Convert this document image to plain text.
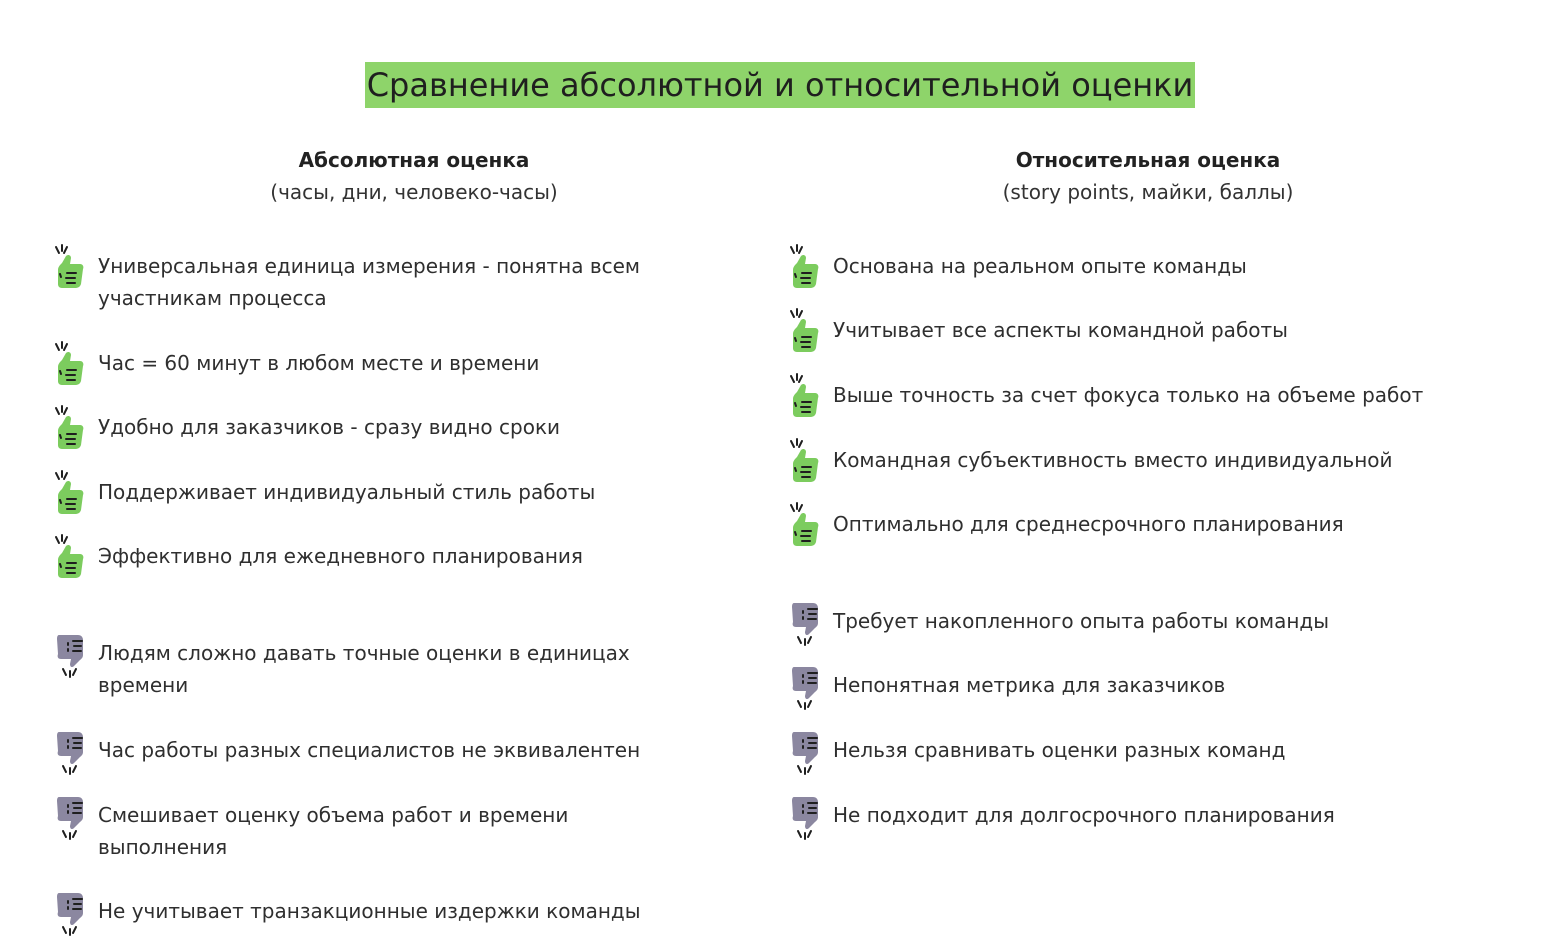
Сравнение абсолютной и относительной оценки
Абсолютная оценка
(часы, дни, человеко-часы)
Относительная оценка
(story points, майки, баллы)
Универсальная единица измерения - понятна всем участникам процесса
Час = 60 минут в любом месте и времени
Удобно для заказчиков - сразу видно сроки
Поддерживает индивидуальный стиль работы
Эффективно для ежедневного планирования
Людям сложно давать точные оценки в единицах времени
Час работы разных специалистов не эквивалентен
Смешивает оценку объема работ и времени выполнения
Не учитывает транзакционные издержки команды
Основана на реальном опыте команды
Учитывает все аспекты командной работы
Выше точность за счет фокуса только на объеме работ
Командная субъективность вместо индивидуальной
Оптимально для среднесрочного планирования
Требует накопленного опыта работы команды
Непонятная метрика для заказчиков
Нельзя сравнивать оценки разных команд
Не подходит для долгосрочного планирования
